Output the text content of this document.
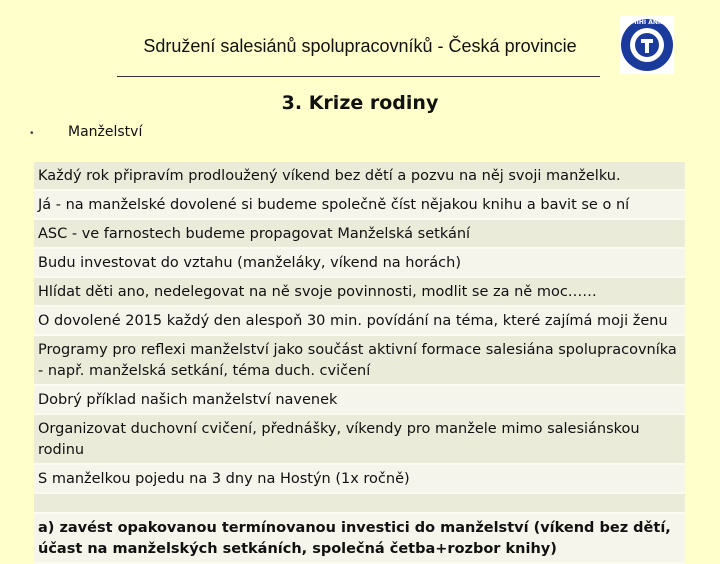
Sdružení salesiánů spolupracovníků - Česká provincie
DA MIHI ANIMAS
3. Krize rodiny
• Manželství
Každý rok připravím prodloužený víkend bez dětí a pozvu na něj svoji manželku.
Já - na manželské dovolené si budeme společně číst nějakou knihu a bavit se o ní
ASC - ve farnostech budeme propagovat Manželská setkání
Budu investovat do vztahu (manželáky, víkend na horách)
Hlídat děti ano, nedelegovat na ně svoje povinnosti, modlit se za ně moc……
O dovolené 2015 každý den alespoň 30 min. povídání na téma, které zajímá moji ženu
Programy pro reflexi manželství jako součást aktivní formace salesiána spolupracovníka - např. manželská setkání, téma duch. cvičení
Dobrý příklad našich manželství navenek
Organizovat duchovní cvičení, přednášky, víkendy pro manžele mimo salesiánskou rodinu
S manželkou pojedu na 3 dny na Hostýn (1x ročně)
a) zavést opakovanou termínovanou investici do manželství (víkend bez dětí, účast na manželských setkáních, společná četba+rozbor knihy)
